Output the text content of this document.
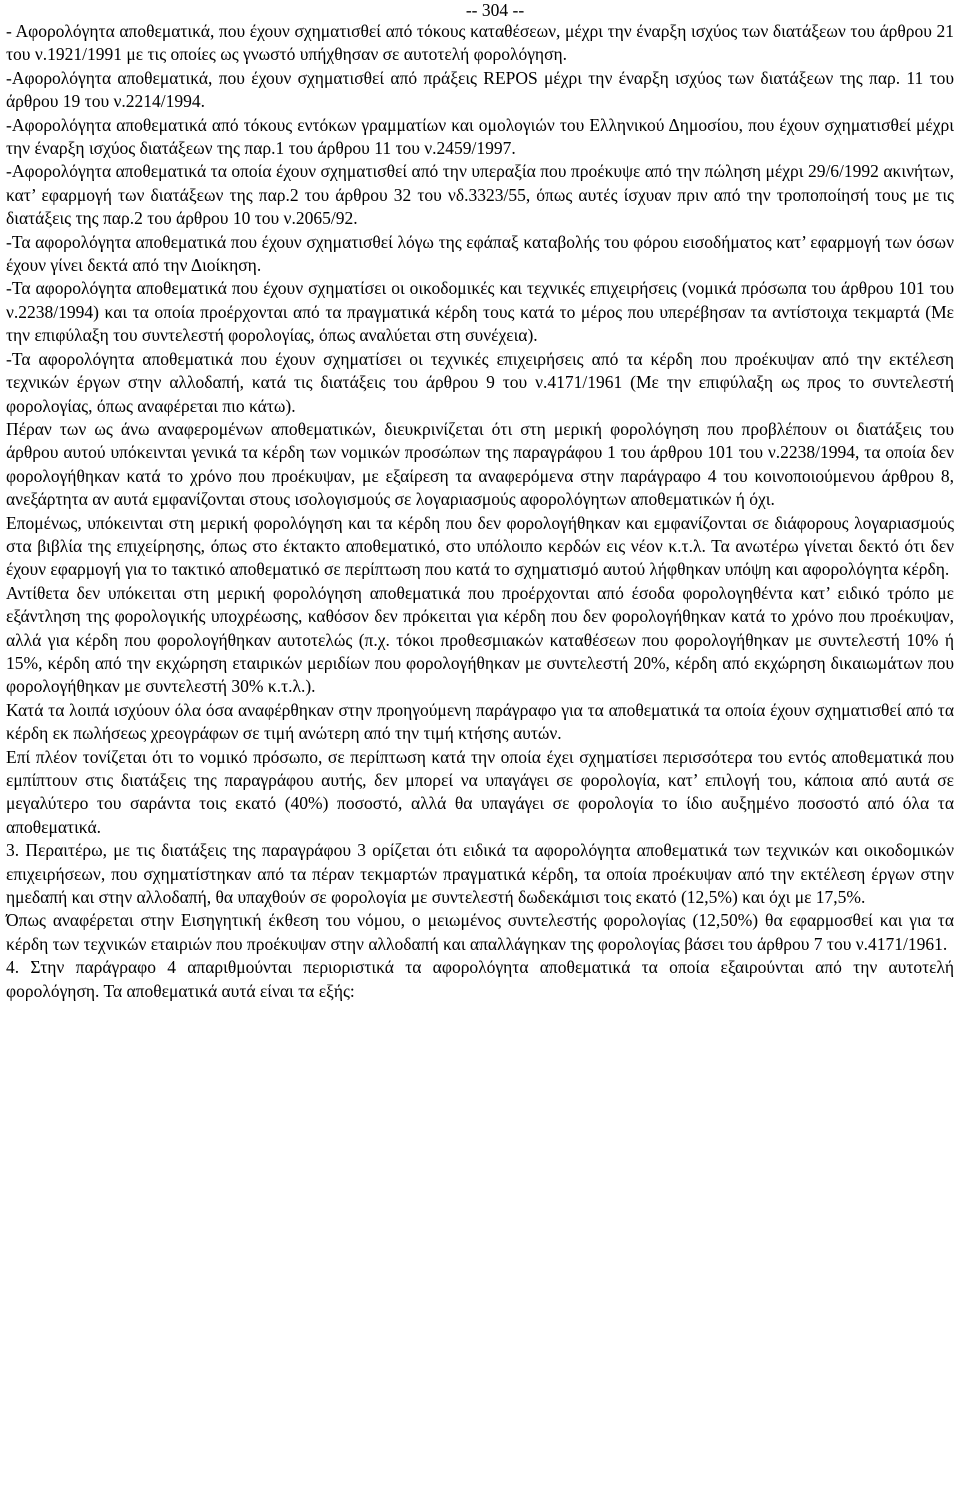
-- 304 --

- Αφορολόγητα αποθεματικά, που έχουν σχηματισθεί από τόκους καταθέσεων, μέχρι την έναρξη ισχύος των διατάξεων του άρθρου 21 του ν.1921/1991 με τις οποίες ως γνωστό υπήχθησαν σε αυτοτελή φορολόγηση.

-Αφορολόγητα αποθεματικά, που έχουν σχηματισθεί από πράξεις REPOS μέχρι την έναρξη ισχύος των διατάξεων της παρ. 11 του άρθρου 19 του ν.2214/1994.

-Αφορολόγητα αποθεματικά από τόκους εντόκων γραμματίων και ομολογιών του Ελληνικού Δημοσίου, που έχουν σχηματισθεί μέχρι την έναρξη ισχύος διατάξεων της παρ.1 του άρθρου 11 του ν.2459/1997.

-Αφορολόγητα αποθεματικά τα οποία έχουν σχηματισθεί από την υπεραξία που προέκυψε από την πώληση μέχρι 29/6/1992 ακινήτων, κατ’ εφαρμογή των διατάξεων της παρ.2 του άρθρου 32 του νδ.3323/55, όπως αυτές ίσχυαν πριν από την τροποποίησή τους με τις διατάξεις της παρ.2 του άρθρου 10 του ν.2065/92.

-Τα αφορολόγητα αποθεματικά που έχουν σχηματισθεί λόγω της εφάπαξ καταβολής του φόρου εισοδήματος κατ’ εφαρμογή των όσων έχουν γίνει δεκτά από την Διοίκηση.

-Τα αφορολόγητα αποθεματικά που έχουν σχηματίσει οι οικοδομικές και τεχνικές επιχειρήσεις (νομικά πρόσωπα του άρθρου 101 του ν.2238/1994) και τα οποία προέρχονται από τα πραγματικά κέρδη τους κατά το μέρος που υπερέβησαν τα αντίστοιχα τεκμαρτά (Με την επιφύλαξη του συντελεστή φορολογίας, όπως αναλύεται στη συνέχεια).

-Τα αφορολόγητα αποθεματικά που έχουν σχηματίσει οι τεχνικές επιχειρήσεις από τα κέρδη που προέκυψαν από την εκτέλεση τεχνικών έργων στην αλλοδαπή, κατά τις διατάξεις του άρθρου 9 του ν.4171/1961 (Με την επιφύλαξη ως προς το συντελεστή φορολογίας, όπως αναφέρεται πιο κάτω).

Πέραν των ως άνω αναφερομένων αποθεματικών, διευκρινίζεται ότι στη μερική φορολόγηση που προβλέπουν οι διατάξεις του άρθρου αυτού υπόκεινται γενικά τα κέρδη των νομικών προσώπων της παραγράφου 1 του άρθρου 101 του ν.2238/1994, τα οποία δεν φορολογήθηκαν κατά το χρόνο που προέκυψαν, με εξαίρεση τα αναφερόμενα στην παράγραφο 4 του κοινοποιούμενου άρθρου 8, ανεξάρτητα αν αυτά εμφανίζονται στους ισολογισμούς σε λογαριασμούς αφορολόγητων αποθεματικών ή όχι.

Επομένως, υπόκεινται στη μερική φορολόγηση και τα κέρδη που δεν φορολογήθηκαν και εμφανίζονται σε διάφορους λογαριασμούς στα βιβλία της επιχείρησης, όπως στο έκτακτο αποθεματικό, στο υπόλοιπο κερδών εις νέον κ.τ.λ. Τα ανωτέρω γίνεται δεκτό ότι δεν έχουν εφαρμογή για το τακτικό αποθεματικό σε περίπτωση που κατά το σχηματισμό αυτού λήφθηκαν υπόψη και αφορολόγητα κέρδη.

Αντίθετα δεν υπόκειται στη μερική φορολόγηση αποθεματικά που προέρχονται από έσοδα φορολογηθέντα κατ’ ειδικό τρόπο με εξάντληση της φορολογικής υποχρέωσης, καθόσον δεν πρόκειται για κέρδη που δεν φορολογήθηκαν κατά το χρόνο που προέκυψαν, αλλά για κέρδη που φορολογήθηκαν αυτοτελώς (π.χ. τόκοι προθεσμιακών καταθέσεων που φορολογήθηκαν με συντελεστή 10% ή 15%, κέρδη από την εκχώρηση εταιρικών μεριδίων που φορολογήθηκαν με συντελεστή 20%, κέρδη από εκχώρηση δικαιωμάτων που φορολογήθηκαν με συντελεστή 30% κ.τ.λ.).

Κατά τα λοιπά ισχύουν όλα όσα αναφέρθηκαν στην προηγούμενη παράγραφο για τα αποθεματικά τα οποία έχουν σχηματισθεί από τα κέρδη εκ πωλήσεως χρεογράφων σε τιμή ανώτερη από την τιμή κτήσης αυτών.

Επί πλέον τονίζεται ότι το νομικό πρόσωπο, σε περίπτωση κατά την οποία έχει σχηματίσει περισσότερα του εντός αποθεματικά που εμπίπτουν στις διατάξεις της παραγράφου αυτής, δεν μπορεί να υπαγάγει σε φορολογία, κατ’ επιλογή του, κάποια από αυτά σε μεγαλύτερο του σαράντα τοις εκατό (40%) ποσοστό, αλλά θα υπαγάγει σε φορολογία το ίδιο αυξημένο ποσοστό από όλα τα αποθεματικά.

3. Περαιτέρω, με τις διατάξεις της παραγράφου 3 ορίζεται ότι ειδικά τα αφορολόγητα αποθεματικά των τεχνικών και οικοδομικών επιχειρήσεων, που σχηματίστηκαν από τα πέραν τεκμαρτών πραγματικά κέρδη, τα οποία προέκυψαν από την εκτέλεση έργων στην ημεδαπή και στην αλλοδαπή, θα υπαχθούν σε φορολογία με συντελεστή δωδεκάμισι τοις εκατό (12,5%) και όχι με 17,5%.

Όπως αναφέρεται στην Εισηγητική έκθεση του νόμου, ο μειωμένος συντελεστής φορολογίας (12,50%) θα εφαρμοσθεί και για τα κέρδη των τεχνικών εταιριών που προέκυψαν στην αλλοδαπή και απαλλάγηκαν της φορολογίας βάσει του άρθρου 7 του ν.4171/1961.

4. Στην παράγραφο 4 απαριθμούνται περιοριστικά τα αφορολόγητα αποθεματικά τα οποία εξαιρούνται από την αυτοτελή φορολόγηση. Τα αποθεματικά αυτά είναι τα εξής:
